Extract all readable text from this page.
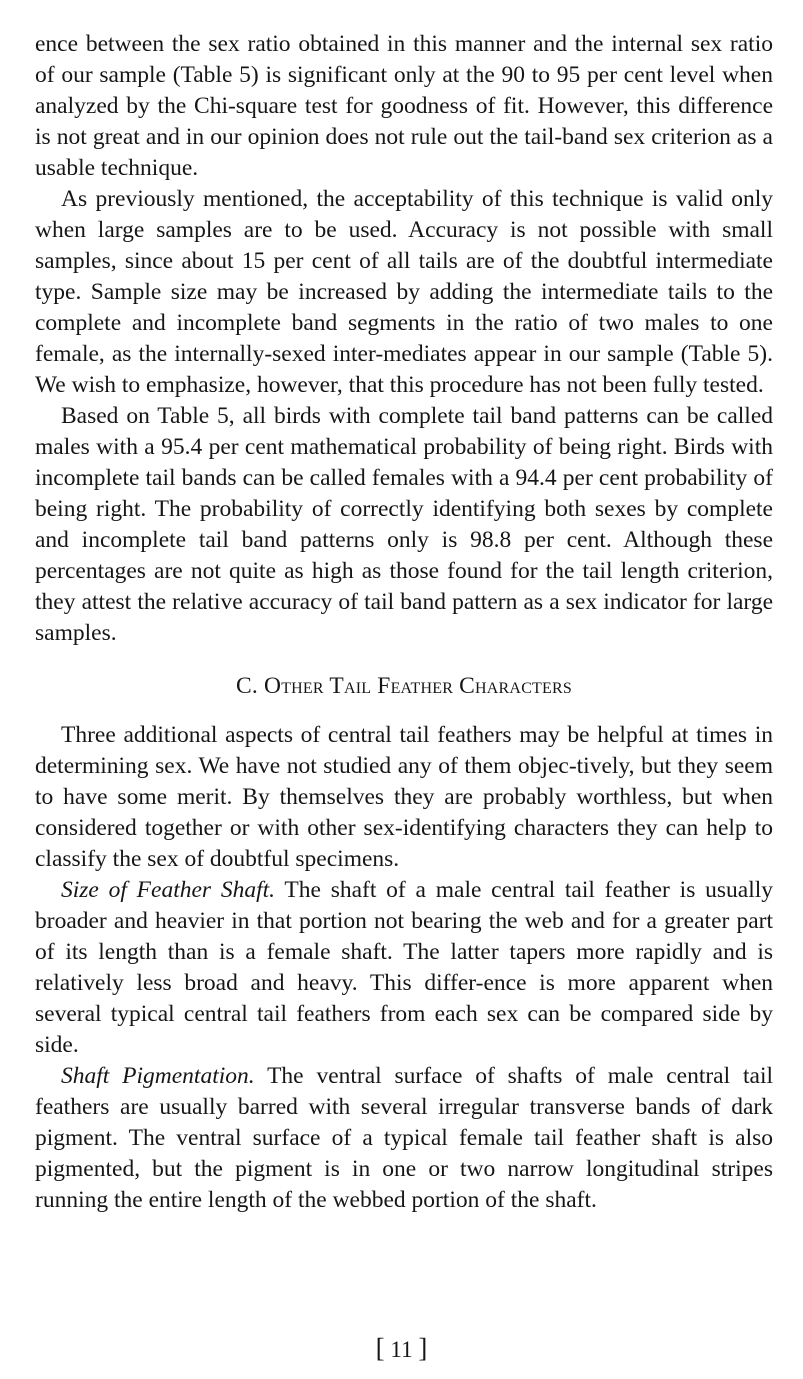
ence between the sex ratio obtained in this manner and the internal sex ratio of our sample (Table 5) is significant only at the 90 to 95 per cent level when analyzed by the Chi-square test for goodness of fit. However, this difference is not great and in our opinion does not rule out the tail-band sex criterion as a usable technique.

As previously mentioned, the acceptability of this technique is valid only when large samples are to be used. Accuracy is not possible with small samples, since about 15 per cent of all tails are of the doubtful intermediate type. Sample size may be increased by adding the intermediate tails to the complete and incomplete band segments in the ratio of two males to one female, as the internally-sexed inter-mediates appear in our sample (Table 5). We wish to emphasize, however, that this procedure has not been fully tested.

Based on Table 5, all birds with complete tail band patterns can be called males with a 95.4 per cent mathematical probability of being right. Birds with incomplete tail bands can be called females with a 94.4 per cent probability of being right. The probability of correctly identifying both sexes by complete and incomplete tail band patterns only is 98.8 per cent. Although these percentages are not quite as high as those found for the tail length criterion, they attest the relative accuracy of tail band pattern as a sex indicator for large samples.

C. Other Tail Feather Characters

Three additional aspects of central tail feathers may be helpful at times in determining sex. We have not studied any of them objec-tively, but they seem to have some merit. By themselves they are probably worthless, but when considered together or with other sex-identifying characters they can help to classify the sex of doubtful specimens.

Size of Feather Shaft. The shaft of a male central tail feather is usually broader and heavier in that portion not bearing the web and for a greater part of its length than is a female shaft. The latter tapers more rapidly and is relatively less broad and heavy. This differ-ence is more apparent when several typical central tail feathers from each sex can be compared side by side.

Shaft Pigmentation. The ventral surface of shafts of male central tail feathers are usually barred with several irregular transverse bands of dark pigment. The ventral surface of a typical female tail feather shaft is also pigmented, but the pigment is in one or two narrow longitudinal stripes running the entire length of the webbed portion of the shaft.

[ 11 ]
